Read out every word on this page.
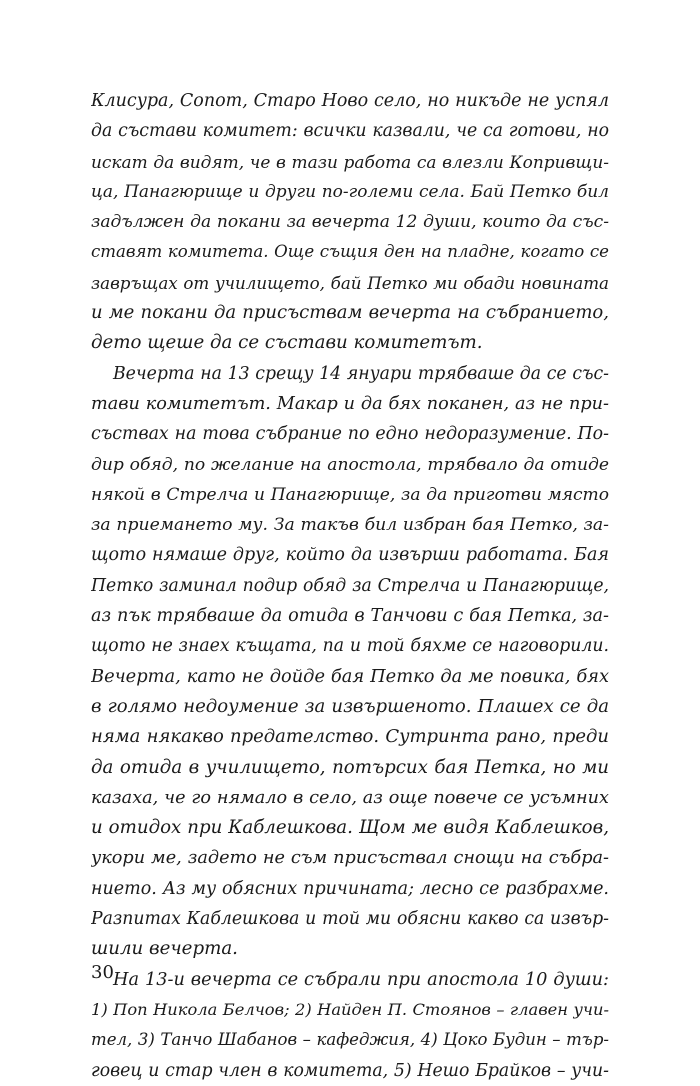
Клисура, Сопот, Старо Ново село, но никъде не успял
да състави комитет: всички казвали, че са готови, но
искат да видят, че в тази работа са влезли Копривщи-
ца, Панагюрище и други по-големи села. Бай Петко бил
задължен да покани за вечерта 12 души, които да със-
ставят комитета. Още същия ден на пладне, когато се
завръщах от училището, бай Петко ми обади новината
и ме покани да присъствам вечерта на събранието,
дето щеше да се състави комитетът.
Вечерта на 13 срещу 14 януари трябваше да се със-
тави комитетът. Макар и да бях поканен, аз не при-
съствах на това събрание по едно недоразумение. По-
дир обяд, по желание на апостола, трябвало да отиде
някой в Стрелча и Панагюрище, за да приготви място
за приемането му. За такъв бил избран бая Петко, за-
щото нямаше друг, който да извърши работата. Бая
Петко заминал подир обяд за Стрелча и Панагюрище,
аз пък трябваше да отида в Танчови с бая Петка, за-
щото не знаех къщата, па и той бяхме се наговорили.
Вечерта, като не дойде бая Петко да ме повика, бях
в голямо недоумение за извършеното. Плашех се да
няма някакво предателство. Сутринта рано, преди
да отида в училището, потърсих бая Петка, но ми
казаха, че го нямало в село, аз още повече се усъмних
и отидох при Каблешкова. Щом ме видя Каблешков,
укори ме, задето не съм присъствал снощи на събра-
нието. Аз му обясних причината; лесно се разбрахме.
Разпитах Каблешкова и той ми обясни какво са извър-
шили вечерта.
На 13-и вечерта се събрали при апостола 10 души:
1) Поп Никола Белчов; 2) Найден П. Стоянов – главен учи-
тел, 3) Танчо Шабанов – кафеджия, 4) Цоко Будин – тър-
говец и стар член в комитета, 5) Нешо Брайков – учи-
30
